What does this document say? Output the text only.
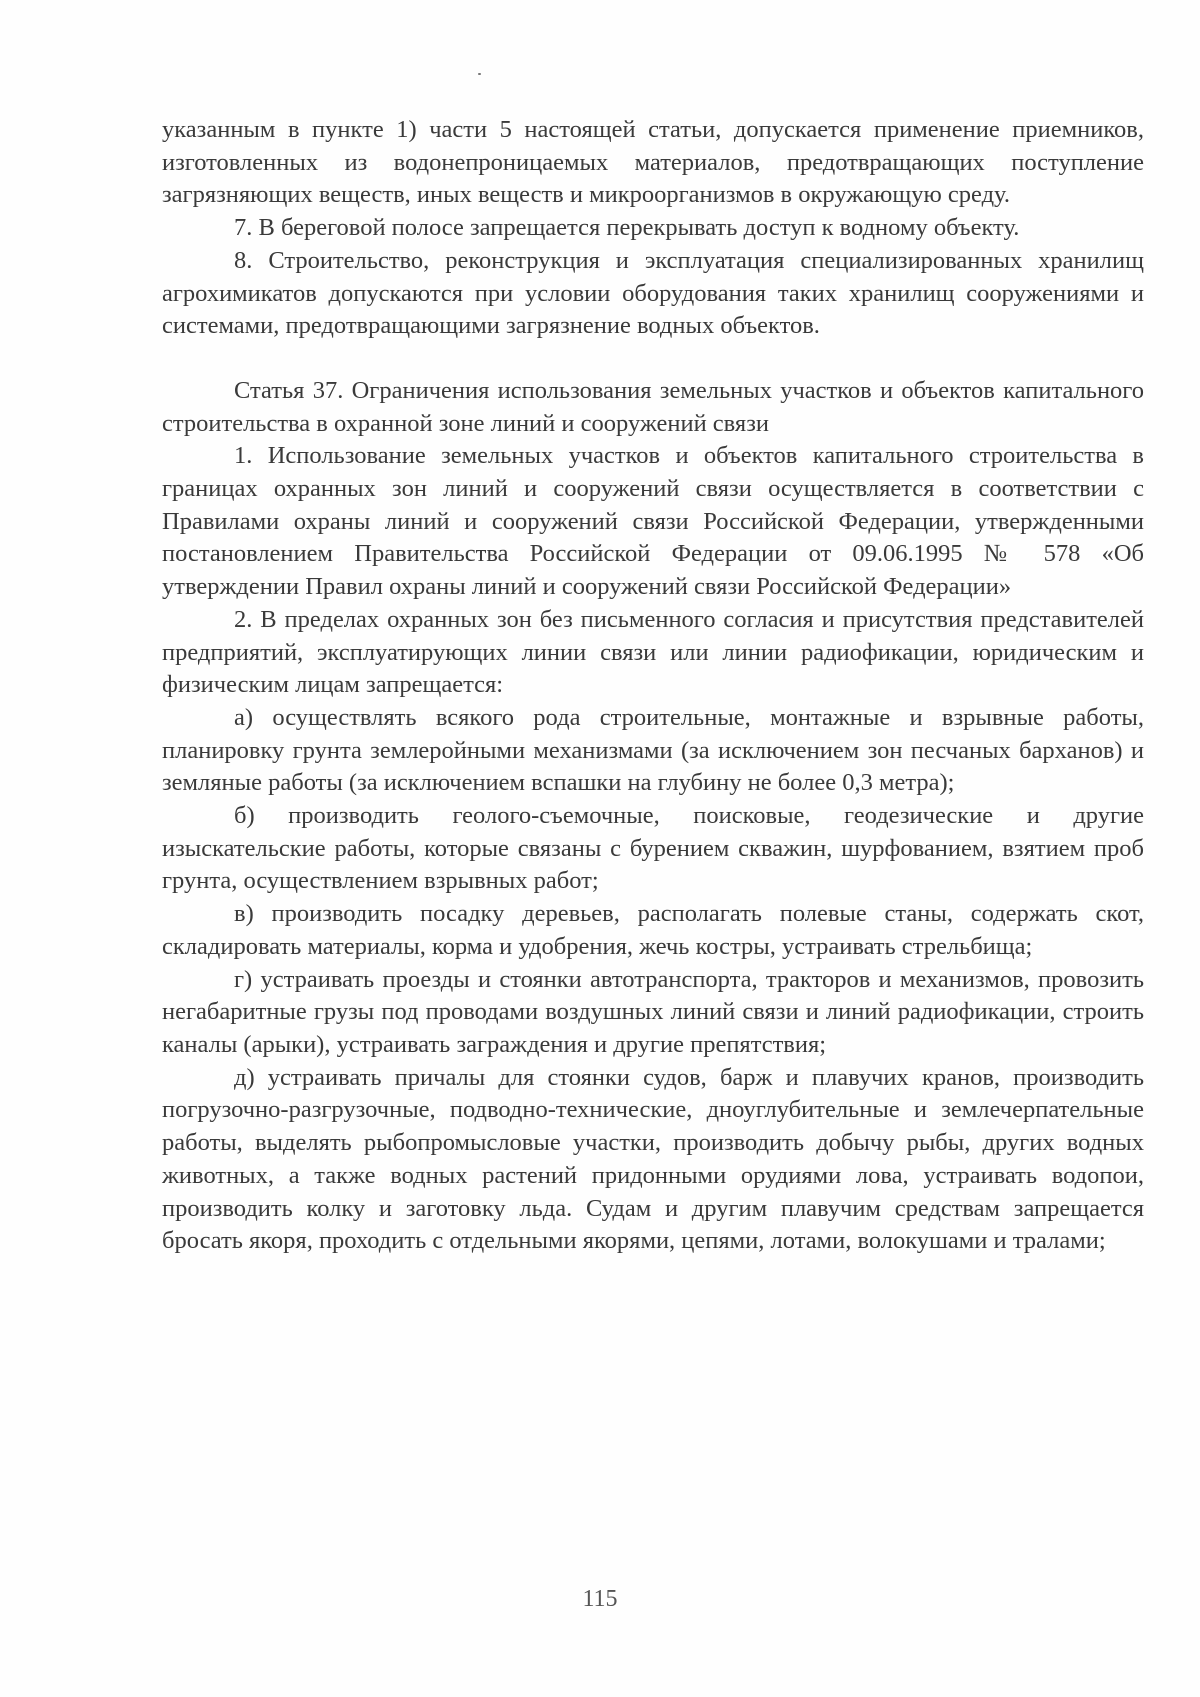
указанным в пункте 1) части 5 настоящей статьи, допускается применение приемников, изготовленных из водонепроницаемых материалов, предотвращающих поступление загрязняющих веществ, иных веществ и микроорганизмов в окружающую среду.

7. В береговой полосе запрещается перекрывать доступ к водному объекту.

8. Строительство, реконструкция и эксплуатация специализированных хранилищ агрохимикатов допускаются при условии оборудования таких хранилищ сооружениями и системами, предотвращающими загрязнение водных объектов.

Статья 37. Ограничения использования земельных участков и объектов капитального строительства в охранной зоне линий и сооружений связи

1. Использование земельных участков и объектов капитального строительства в границах охранных зон линий и сооружений связи осуществляется в соответствии с Правилами охраны линий и сооружений связи Российской Федерации, утвержденными постановлением Правительства Российской Федерации от 09.06.1995 № 578 «Об утверждении Правил охраны линий и сооружений связи Российской Федерации»

2. В пределах охранных зон без письменного согласия и присутствия представителей предприятий, эксплуатирующих линии связи или линии радиофикации, юридическим и физическим лицам запрещается:

а) осуществлять всякого рода строительные, монтажные и взрывные работы, планировку грунта землеройными механизмами (за исключением зон песчаных барханов) и земляные работы (за исключением вспашки на глубину не более 0,3 метра);

б) производить геолого-съемочные, поисковые, геодезические и другие изыскательские работы, которые связаны с бурением скважин, шурфованием, взятием проб грунта, осуществлением взрывных работ;

в) производить посадку деревьев, располагать полевые станы, содержать скот, складировать материалы, корма и удобрения, жечь костры, устраивать стрельбища;

г) устраивать проезды и стоянки автотранспорта, тракторов и механизмов, провозить негабаритные грузы под проводами воздушных линий связи и линий радиофикации, строить каналы (арыки), устраивать заграждения и другие препятствия;

д) устраивать причалы для стоянки судов, барж и плавучих кранов, производить погрузочно-разгрузочные, подводно-технические, дноуглубительные и землечерпательные работы, выделять рыбопромысловые участки, производить добычу рыбы, других водных животных, а также водных растений придонными орудиями лова, устраивать водопои, производить колку и заготовку льда. Судам и другим плавучим средствам запрещается бросать якоря, проходить с отдельными якорями, цепями, лотами, волокушами и тралами;

115
